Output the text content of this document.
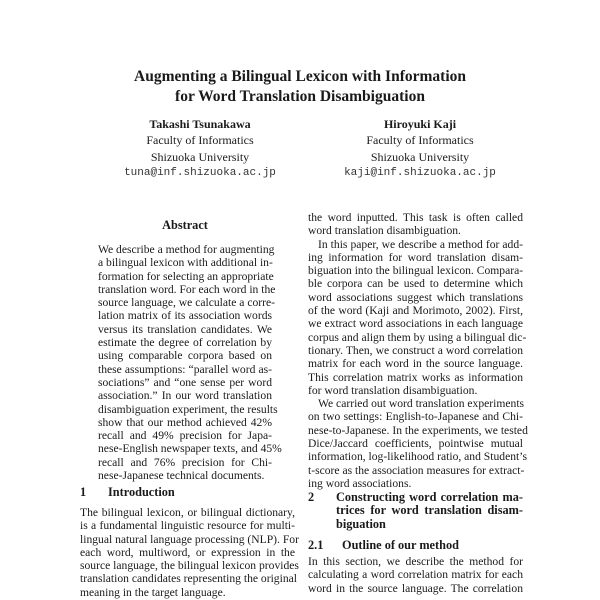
Augmenting a Bilingual Lexicon with Information
for Word Translation Disambiguation
Takashi Tsunakawa
Faculty of Informatics
Shizuoka University
tuna@inf.shizuoka.ac.jp
Hiroyuki Kaji
Faculty of Informatics
Shizuoka University
kaji@inf.shizuoka.ac.jp
Abstract
We describe a method for augmenting
a bilingual lexicon with additional in-
formation for selecting an appropriate
translation word. For each word in the
source language, we calculate a corre-
lation matrix of its association words
versus its translation candidates. We
estimate the degree of correlation by
using comparable corpora based on
these assumptions: “parallel word as-
sociations” and “one sense per word
association.” In our word translation
disambiguation experiment, the results
show that our method achieved 42%
recall and 49% precision for Japa-
nese-English newspaper texts, and 45%
recall and 76% precision for Chi-
nese-Japanese technical documents.
1 Introduction
The bilingual lexicon, or bilingual dictionary,
is a fundamental linguistic resource for multi-
lingual natural language processing (NLP). For
each word, multiword, or expression in the
source language, the bilingual lexicon provides
translation candidates representing the original
meaning in the target language.
the word inputted. This task is often called
word translation disambiguation.
In this paper, we describe a method for add-
ing information for word translation disam-
biguation into the bilingual lexicon. Compara-
ble corpora can be used to determine which
word associations suggest which translations
of the word (Kaji and Morimoto, 2002). First,
we extract word associations in each language
corpus and align them by using a bilingual dic-
tionary. Then, we construct a word correlation
matrix for each word in the source language.
This correlation matrix works as information
for word translation disambiguation.
We carried out word translation experiments
on two settings: English-to-Japanese and Chi-
nese-to-Japanese. In the experiments, we tested
Dice/Jaccard coefficients, pointwise mutual
information, log-likelihood ratio, and Student’s
t-score as the association measures for extract-
ing word associations.
Constructing word correlation ma-
trices for word translation disam-
biguation
2
2.1 Outline of our method
In this section, we describe the method for
calculating a word correlation matrix for each
word in the source language. The correlation
